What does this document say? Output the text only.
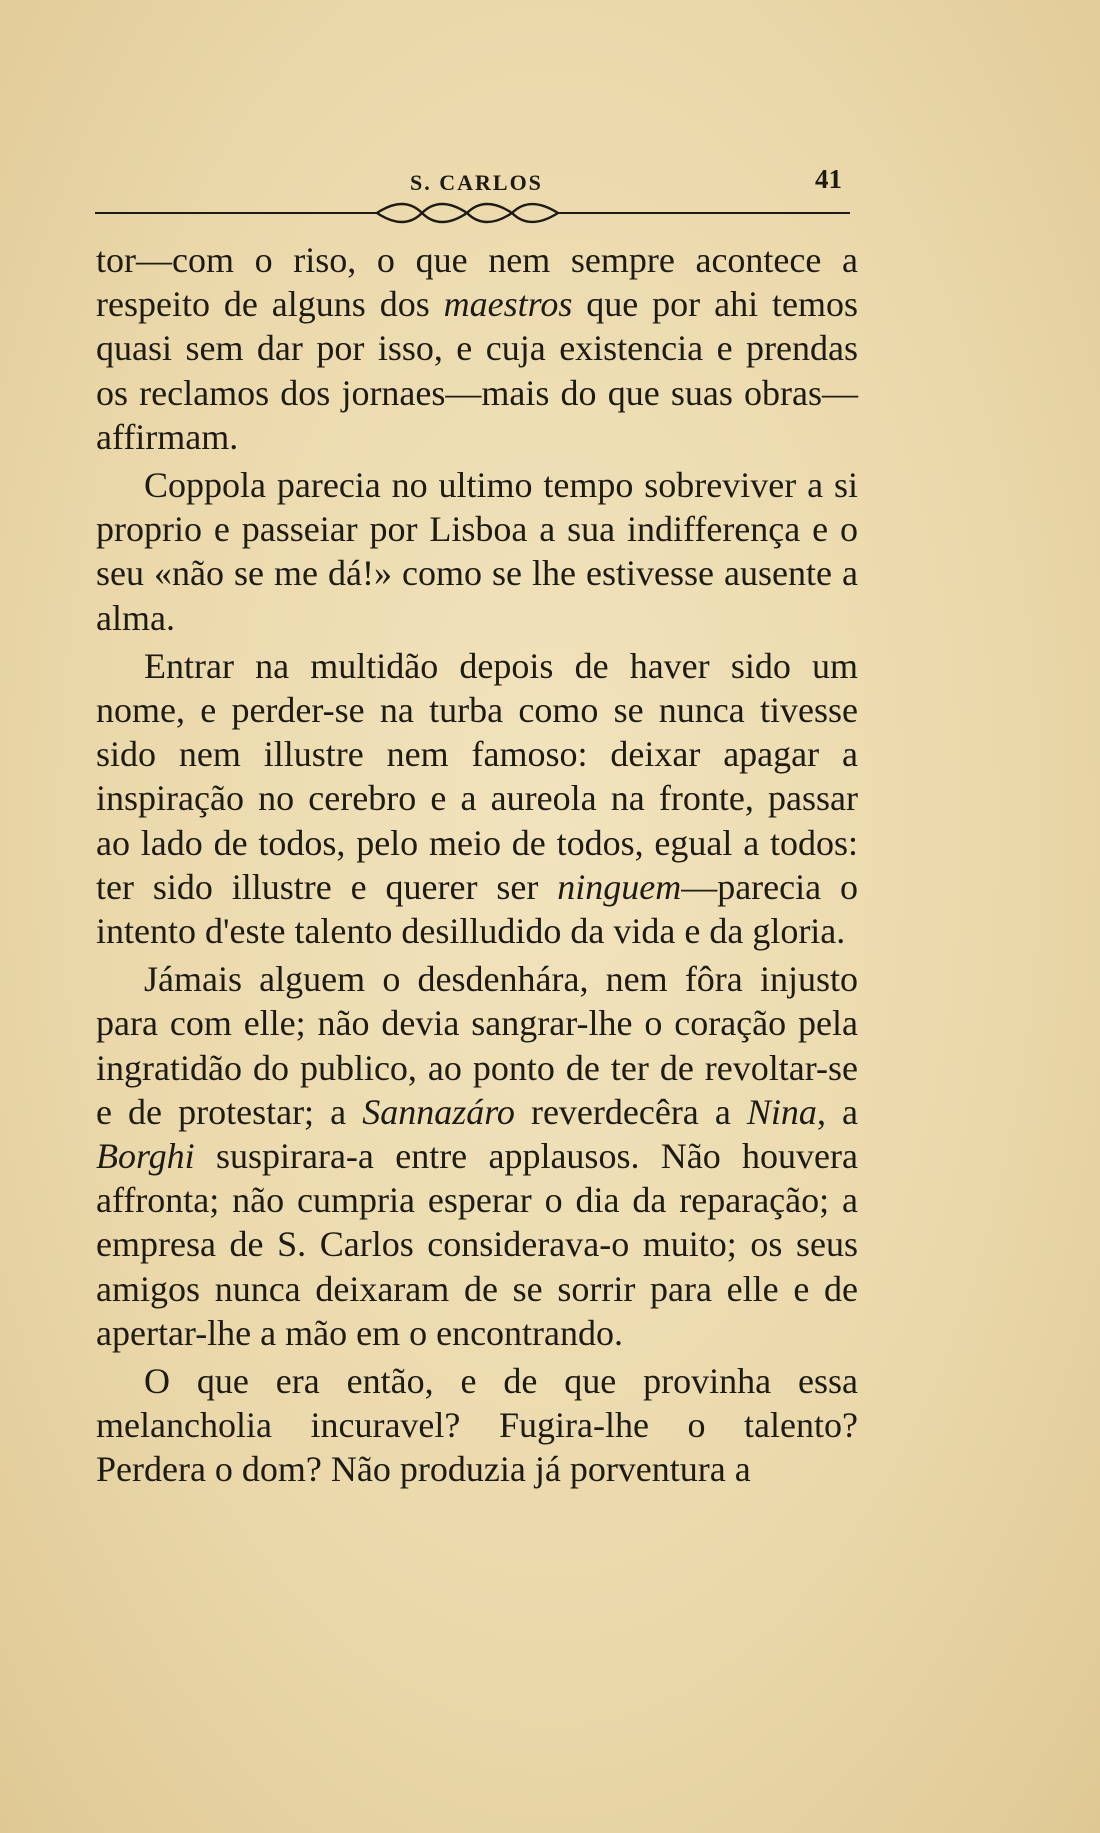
S. CARLOS	41

tor—com o riso, o que nem sempre acontece a respeito de alguns dos maestros que por ahi temos quasi sem dar por isso, e cuja existencia e prendas os reclamos dos jornaes—mais do que suas obras—affirmam.

Coppola parecia no ultimo tempo sobreviver a si proprio e passeiar por Lisboa a sua indifferença e o seu «não se me dá!» como se lhe estivesse ausente a alma.

Entrar na multidão depois de haver sido um nome, e perder-se na turba como se nunca tivesse sido nem illustre nem famoso: deixar apagar a inspiração no cerebro e a aureola na fronte, passar ao lado de todos, pelo meio de todos, egual a todos: ter sido illustre e querer ser ninguem—parecia o intento d'este talento desilludido da vida e da gloria.

Jámais alguem o desdenhára, nem fôra injusto para com elle; não devia sangrar-lhe o coração pela ingratidão do publico, ao ponto de ter de revoltar-se e de protestar; a Sannazáro reverdecêra a Nina, a Borghi suspirara-a entre applausos. Não houvera affronta; não cumpria esperar o dia da reparação; a empresa de S. Carlos considerava-o muito; os seus amigos nunca deixaram de se sorrir para elle e de apertar-lhe a mão em o encontrando.

O que era então, e de que provinha essa melancholia incuravel? Fugira-lhe o talento? Perdera o dom? Não produzia já porventura a
